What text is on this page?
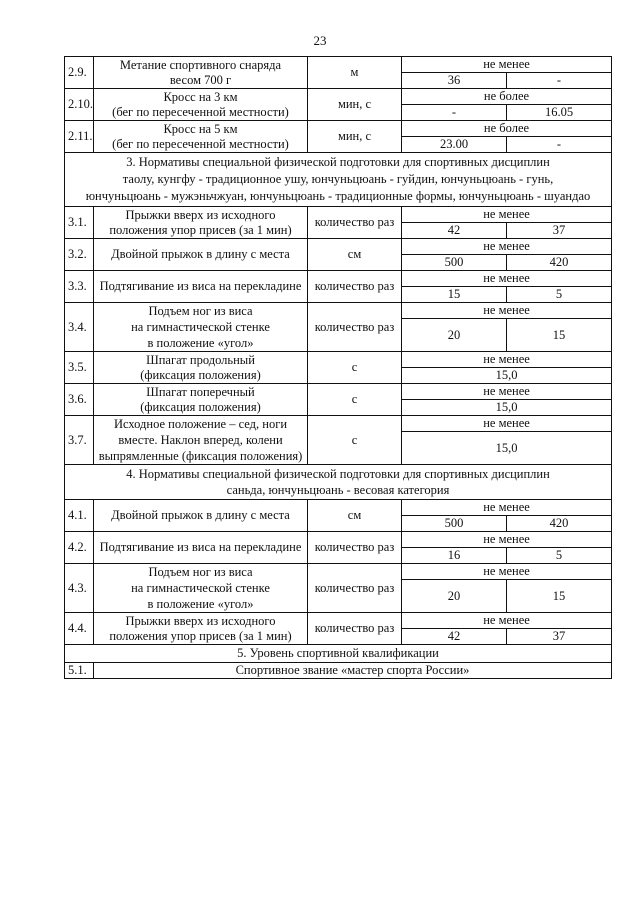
23
2.9.	Метание спортивного снаряда
весом 700 г	м	не менее	
			36	-
2.10.	Кросс на 3 км
(бег по пересеченной местности)	мин, с	не более	
			-	16.05
2.11.	Кросс на 5 км
(бег по пересеченной местности)	мин, с	не более	
			23.00	-

3. Нормативы специальной физической подготовки для спортивных дисциплин
таолу, кунгфу - традиционное ушу, юнчуньцюань - гуйдин, юнчуньцюань - гунь,
юнчуньцюань - мужэньчжуан, юнчуньцюань - традиционные формы, юнчуньцюань - шуандао				

3.1.	Прыжки вверх из исходного
положения упор присев (за 1 мин)	количество раз	не менее	
			42	37
3.2.	Двойной прыжок в длину с места	см	не менее	
			500	420
3.3.	Подтягивание из виса на перекладине	количество раз	не менее	
			15	5
3.4.	Подъем ног из виса
на гимнастической стенке
в положение «угол»	количество раз	не менее	
			20	15
3.5.	Шпагат продольный
(фиксация положения)	с	не менее	
			15,0	
3.6.	Шпагат поперечный
(фиксация положения)	с	не менее	
			15,0	
3.7.	Исходное положение – сед, ноги
вместе. Наклон вперед, колени
выпрямленные (фиксация положения)	с	не менее	
			15,0	

4. Нормативы специальной физической подготовки для спортивных дисциплин
саньда, юнчуньцюань - весовая категория				

4.1.	Двойной прыжок в длину с места	см	не менее	
			500	420
4.2.	Подтягивание из виса на перекладине	количество раз	не менее	
			16	5
4.3.	Подъем ног из виса
на гимнастической стенке
в положение «угол»	количество раз	не менее	
			20	15
4.4.	Прыжки вверх из исходного
положения упор присев (за 1 мин)	количество раз	не менее	
			42	37
5. Уровень спортивной квалификации				
5.1.	Спортивное звание «мастер спорта России»			
